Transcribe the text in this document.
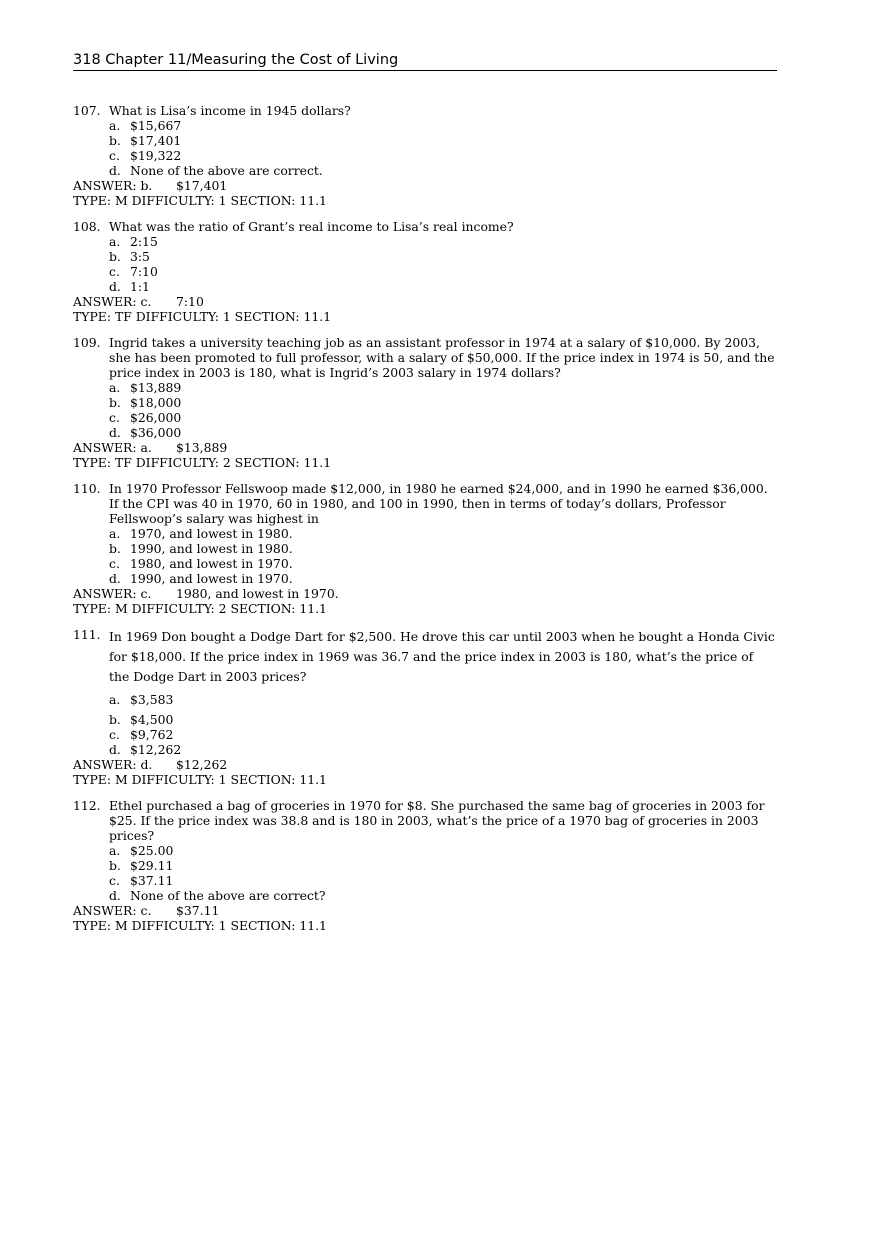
318 Chapter 11/Measuring the Cost of Living
107. What is Lisa’s income in 1945 dollars?
a. $15,667
b. $17,401
c. $19,322
d. None of the above are correct.
ANSWER: b.	$17,401
TYPE: M DIFFICULTY: 1 SECTION: 11.1
108. What was the ratio of Grant’s real income to Lisa’s real income?
a. 2:15
b. 3:5
c. 7:10
d. 1:1
ANSWER: c.	7:10
TYPE: TF DIFFICULTY: 1 SECTION: 11.1
109. Ingrid takes a university teaching job as an assistant professor in 1974 at a salary of $10,000. By 2003, she has been promoted to full professor, with a salary of $50,000. If the price index in 1974 is 50, and the price index in 2003 is 180, what is Ingrid’s 2003 salary in 1974 dollars?
a. $13,889
b. $18,000
c. $26,000
d. $36,000
ANSWER: a.	$13,889
TYPE: TF DIFFICULTY: 2 SECTION: 11.1
110. In 1970 Professor Fellswoop made $12,000, in 1980 he earned $24,000, and in 1990 he earned $36,000. If the CPI was 40 in 1970, 60 in 1980, and 100 in 1990, then in terms of today’s dollars, Professor Fellswoop’s salary was highest in
a. 1970, and lowest in 1980.
b. 1990, and lowest in 1980.
c. 1980, and lowest in 1970.
d. 1990, and lowest in 1970.
ANSWER: c.	1980, and lowest in 1970.
TYPE: M DIFFICULTY: 2 SECTION: 11.1
111. In 1969 Don bought a Dodge Dart for $2,500. He drove this car until 2003 when he bought a Honda Civic for $18,000. If the price index in 1969 was 36.7 and the price index in 2003 is 180, what’s the price of the Dodge Dart in 2003 prices?
a. $3,583
b. $4,500
c. $9,762
d. $12,262
ANSWER: d.	$12,262
TYPE: M DIFFICULTY: 1 SECTION: 11.1
112. Ethel purchased a bag of groceries in 1970 for $8. She purchased the same bag of groceries in 2003 for $25. If the price index was 38.8 and is 180 in 2003, what’s the price of a 1970 bag of groceries in 2003 prices?
a. $25.00
b. $29.11
c. $37.11
d. None of the above are correct?
ANSWER: c.	$37.11
TYPE: M DIFFICULTY: 1 SECTION: 11.1
